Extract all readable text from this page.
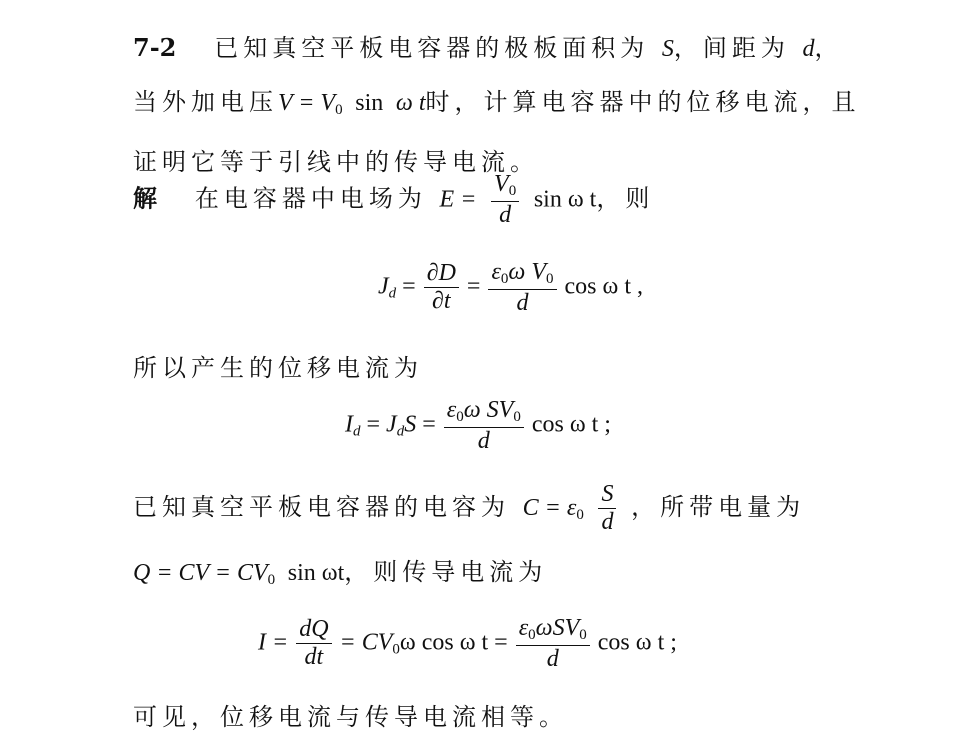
7-2 已知真空平板电容器的极板面积为 S，间距为 d，
当外加电压$V = V_0$ sin ω t时，计算电容器中的位移电流，且
证明它等于引线中的传导电流。
解 在电容器中电场为 $E = \frac{V_0}{d}$ sin ω t，则
$J_d = \frac{\partial D}{\partial t} = \frac{\varepsilon_0\omega V_0}{d}$ cos ω t ,
所以产生的位移电流为
$I_d = J_dS = \frac{\varepsilon_0\omega SV_0}{d}$ cos ω t ;
已知真空平板电容器的电容为 $C = \varepsilon_0 \frac{S}{d}$ ，所带电量为
Q = CV = $CV_0$ sin ωt，则传导电流为
$I = \frac{dQ}{dt} = CV_0\omega$ cos ω $t = \frac{\varepsilon_0\omega SV_0}{d}$ cos ω t ;
可见，位移电流与传导电流相等。
